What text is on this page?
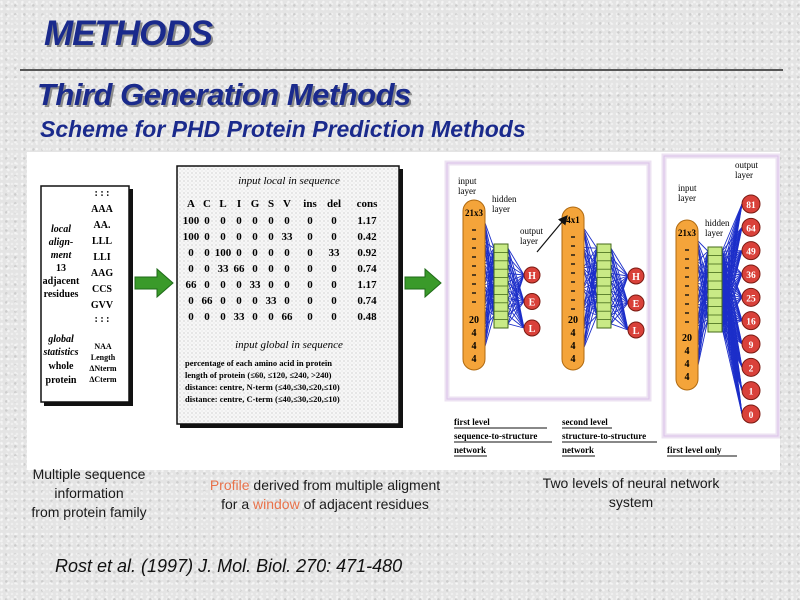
METHODS
Third Generation Methods
Scheme for PHD Protein Prediction Methods
local
align-
ment
13
adjacent
residues
global
statistics
whole
protein
: : :
AAA
AA.
LLL
LLI
AAG
CCS
GVV
: : :
NAA
Length
ΔNterm
ΔCterm
input local in sequence
A C L I G S V ins del cons
100 0 0 0 0 0 0 0 0 1.17
100 0 0 0 0 0 33 0 0 0.42
0 0 100 0 0 0 0 0 33 0.92
0 0 33 66 0 0 0 0 0 0.74
66 0 0 0 33 0 0 0 0 1.17
0 66 0 0 0 33 0 0 0 0.74
0 0 0 33 0 0 66 0 0 0.48
input global in sequence
percentage of each amino acid in protein
length of protein (≤60, ≤120, ≤240, >240)
distance: centre, N-term (≤40,≤30,≤20,≤10)
distance: centre, C-term (≤40,≤30,≤20,≤10)
21x3
20
4
4
4
H
E
L
input
layer
hidden
layer
output
layer
4x1
20
4
4
4
H
E
L
21x3
20
4
4
4
81
64
49
36
25
16
9
2
1
0
input
layer
hidden
layer
output
layer
first level
sequence-to-structure
network
second level
structure-to-structure
network	first level only
Multiple sequence
information
from protein family
Profile derived from multiple aligment
for a window of adjacent residues
Two levels of neural network
system
Rost et al. (1997) J. Mol. Biol. 270: 471-480
